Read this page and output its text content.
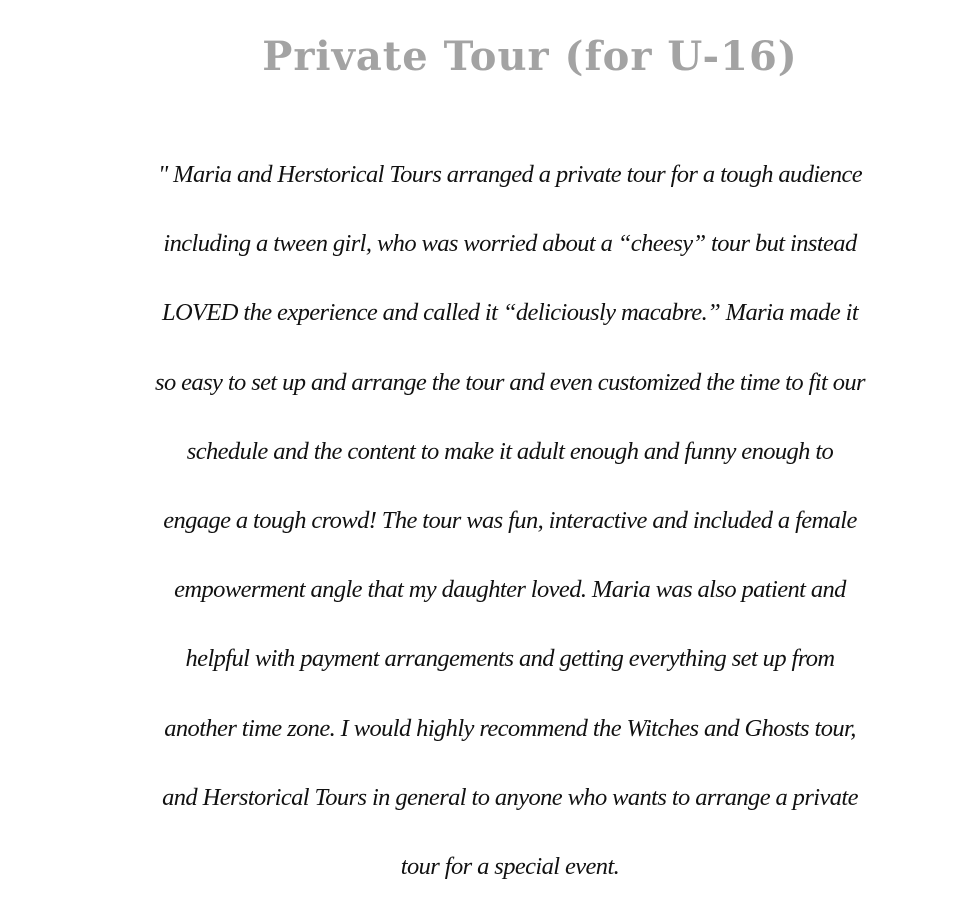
Private Tour (for U-16)
" Maria and Herstorical Tours arranged a private tour for a tough audience
including a tween girl, who was worried about a “cheesy” tour but instead
LOVED the experience and called it “deliciously macabre.” Maria made it
so easy to set up and arrange the tour and even customized the time to fit our
schedule and the content to make it adult enough and funny enough to
engage a tough crowd! The tour was fun, interactive and included a female
empowerment angle that my daughter loved. Maria was also patient and
helpful with payment arrangements and getting everything set up from
another time zone. I would highly recommend the Witches and Ghosts tour,
and Herstorical Tours in general to anyone who wants to arrange a private
tour for a special event.
